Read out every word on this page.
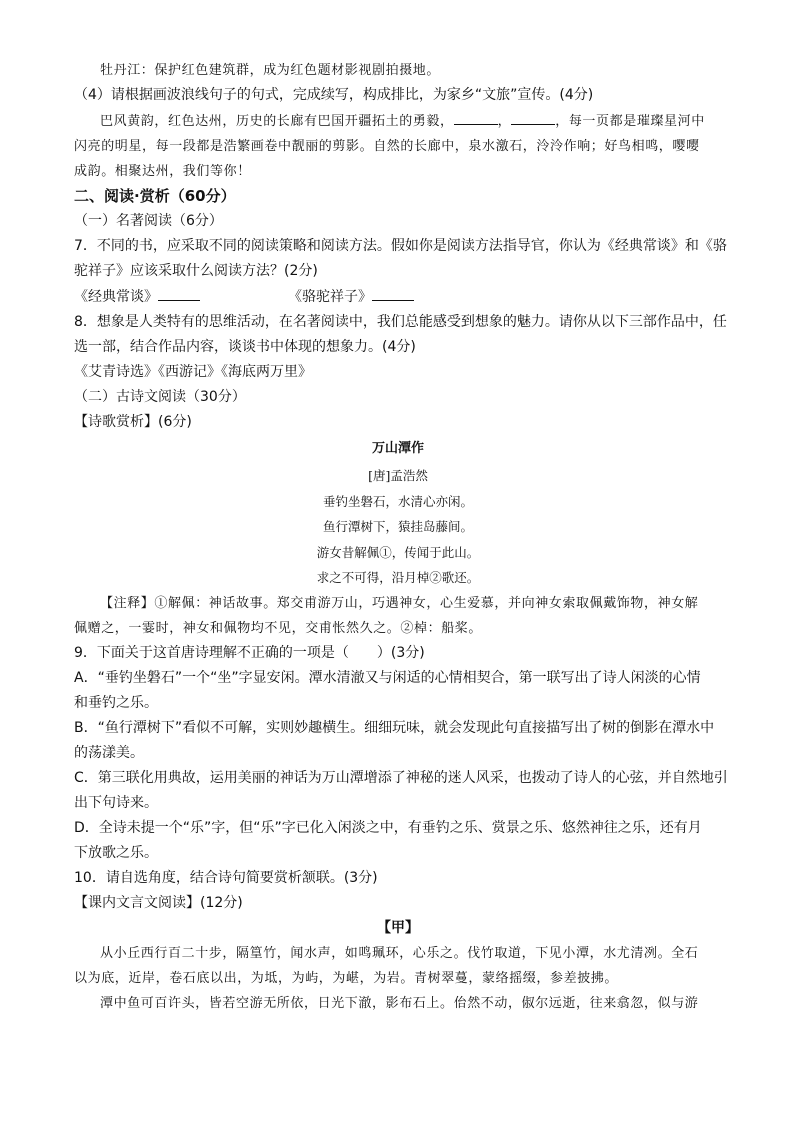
牡丹江：保护红色建筑群，成为红色题材影视剧拍摄地。
（4）请根据画波浪线句子的句式，完成续写，构成排比，为家乡“文旅”宣传。(4分)
巴风黄韵，红色达州，历史的长廊有巴国开疆拓土的勇毅，	，	，每一页都是璀璨星河中
闪亮的明星，每一段都是浩繁画卷中靓丽的剪影。自然的长廊中，泉水激石，泠泠作响；好鸟相鸣，嘤嘤
成韵。相聚达州，我们等你！
二、阅读·赏析（60分）
（一）名著阅读（6分）
7．不同的书，应采取不同的阅读策略和阅读方法。假如你是阅读方法指导官，你认为《经典常谈》和《骆
驼祥子》应该采取什么阅读方法？(2分)
《经典常谈》	《骆驼祥子》
8．想象是人类特有的思维活动，在名著阅读中，我们总能感受到想象的魅力。请你从以下三部作品中，任
选一部，结合作品内容，谈谈书中体现的想象力。(4分)
《艾青诗选》《西游记》《海底两万里》
（二）古诗文阅读（30分）
【诗歌赏析】(6分)
万山潭作
[唐]孟浩然
垂钓坐磐石，水清心亦闲。
鱼行潭树下，猿挂岛藤间。
游女昔解佩①，传闻于此山。
求之不可得，沿月棹②歌还。
【注释】①解佩：神话故事。郑交甫游万山，巧遇神女，心生爱慕，并向神女索取佩戴饰物，神女解
佩赠之，一霎时，神女和佩物均不见，交甫怅然久之。②棹：船桨。
9．下面关于这首唐诗理解不正确的一项是（　　）(3分)
A．“垂钓坐磐石”一个“坐”字显安闲。潭水清澈又与闲适的心情相契合，第一联写出了诗人闲淡的心情
和垂钓之乐。
B．“鱼行潭树下”看似不可解，实则妙趣横生。细细玩味，就会发现此句直接描写出了树的倒影在潭水中
的荡漾美。
C．第三联化用典故，运用美丽的神话为万山潭增添了神秘的迷人风采，也拨动了诗人的心弦，并自然地引
出下句诗来。
D．全诗未提一个“乐”字，但“乐”字已化入闲淡之中，有垂钓之乐、赏景之乐、悠然神往之乐，还有月
下放歌之乐。
10．请自选角度，结合诗句简要赏析颔联。(3分)
【课内文言文阅读】(12分)
【甲】
从小丘西行百二十步，隔篁竹，闻水声，如鸣珮环，心乐之。伐竹取道，下见小潭，水尤清冽。全石
以为底，近岸，卷石底以出，为坻，为屿，为嵁，为岩。青树翠蔓，蒙络摇缀，参差披拂。
潭中鱼可百许头，皆若空游无所依，日光下澈，影布石上。佁然不动，俶尔远逝，往来翕忽，似与游
